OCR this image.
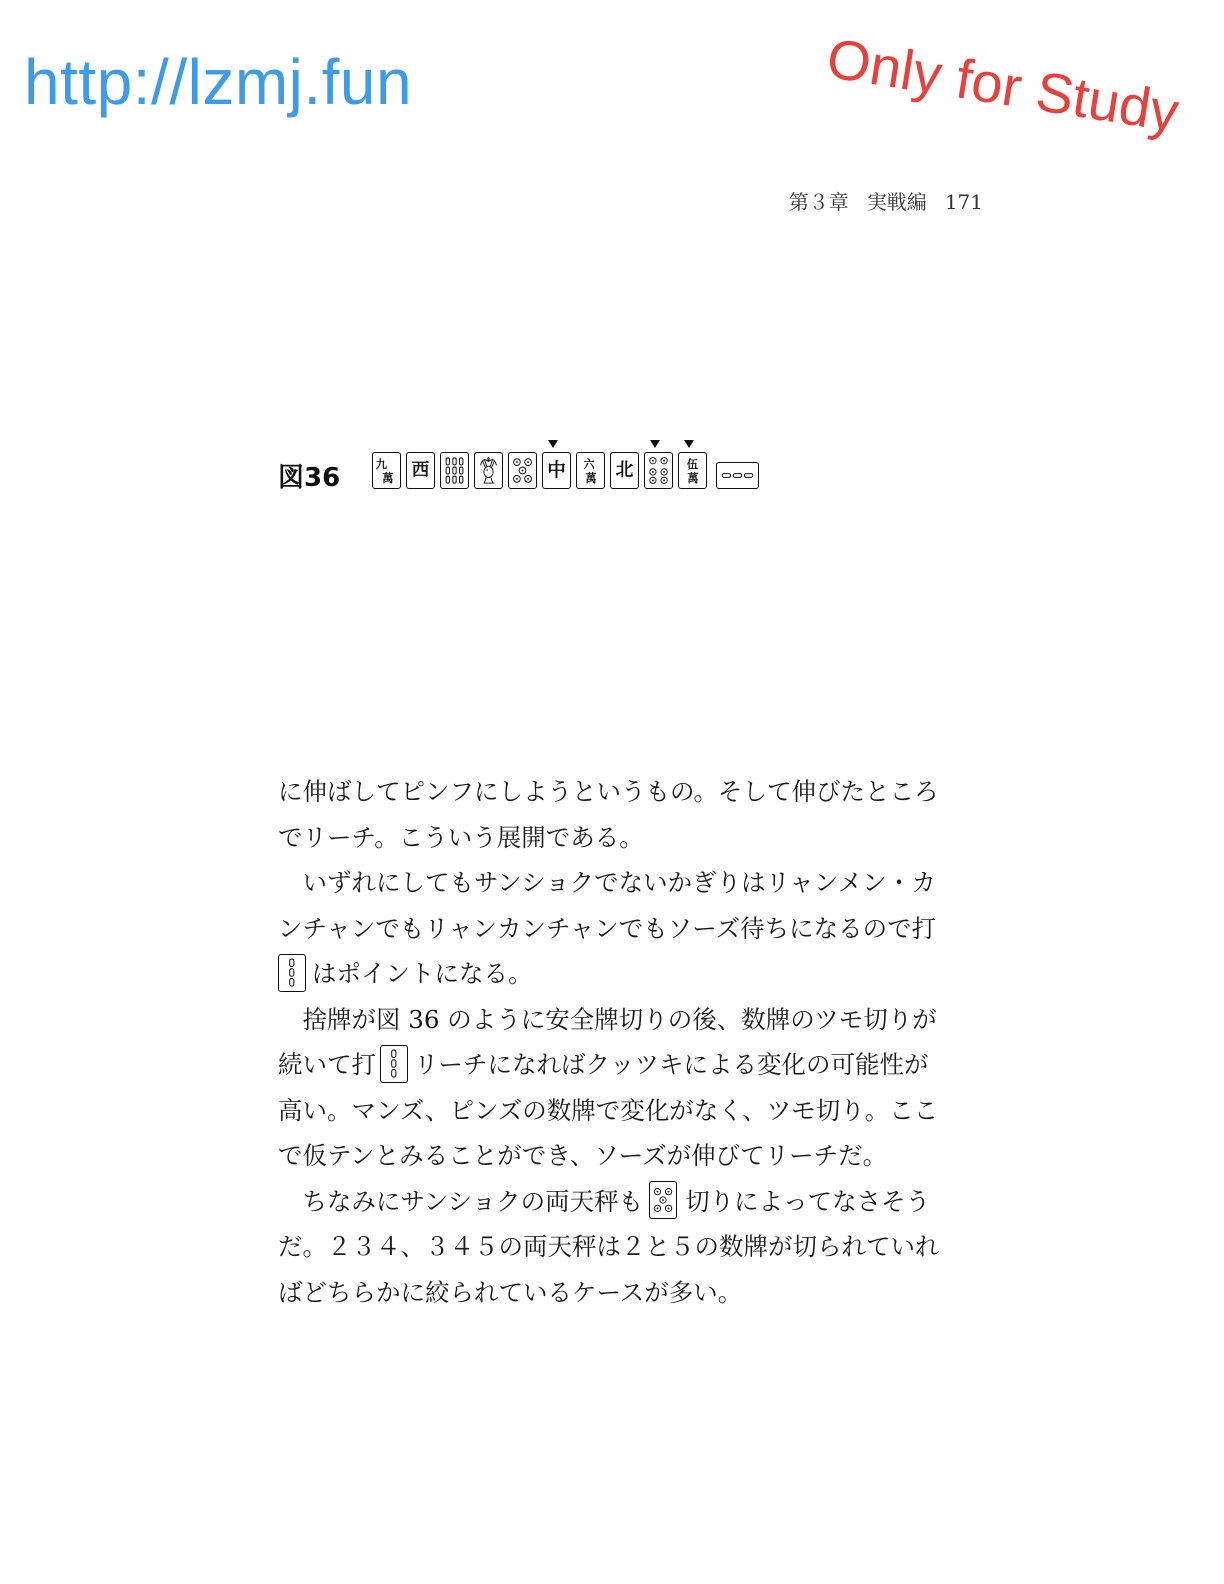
http://lzmj.fun	Only for Study
第３章 実戦編 171
図36	九
萬 西	中 六
萬 北	伍
萬

に伸ばしてピンフにしようというもの。そして伸びたところ

でリーチ。こういう展開である。

　いずれにしてもサンショクでないかぎりはリャンメン・カ

ンチャンでもリャンカンチャンでもソーズ待ちになるので打

はポイントになる。

　捨牌が図 36 のように安全牌切りの後、数牌のツモ切りが

続いて打 リーチになればクッツキによる変化の可能性が

高い。マンズ、ピンズの数牌で変化がなく、ツモ切り。ここ

で仮テンとみることができ、ソーズが伸びてリーチだ。

　ちなみにサンショクの両天秤も 切りによってなさそう

だ。２３４、３４５の両天秤は２と５の数牌が切られていれ

ばどちらかに絞られているケースが多い。
